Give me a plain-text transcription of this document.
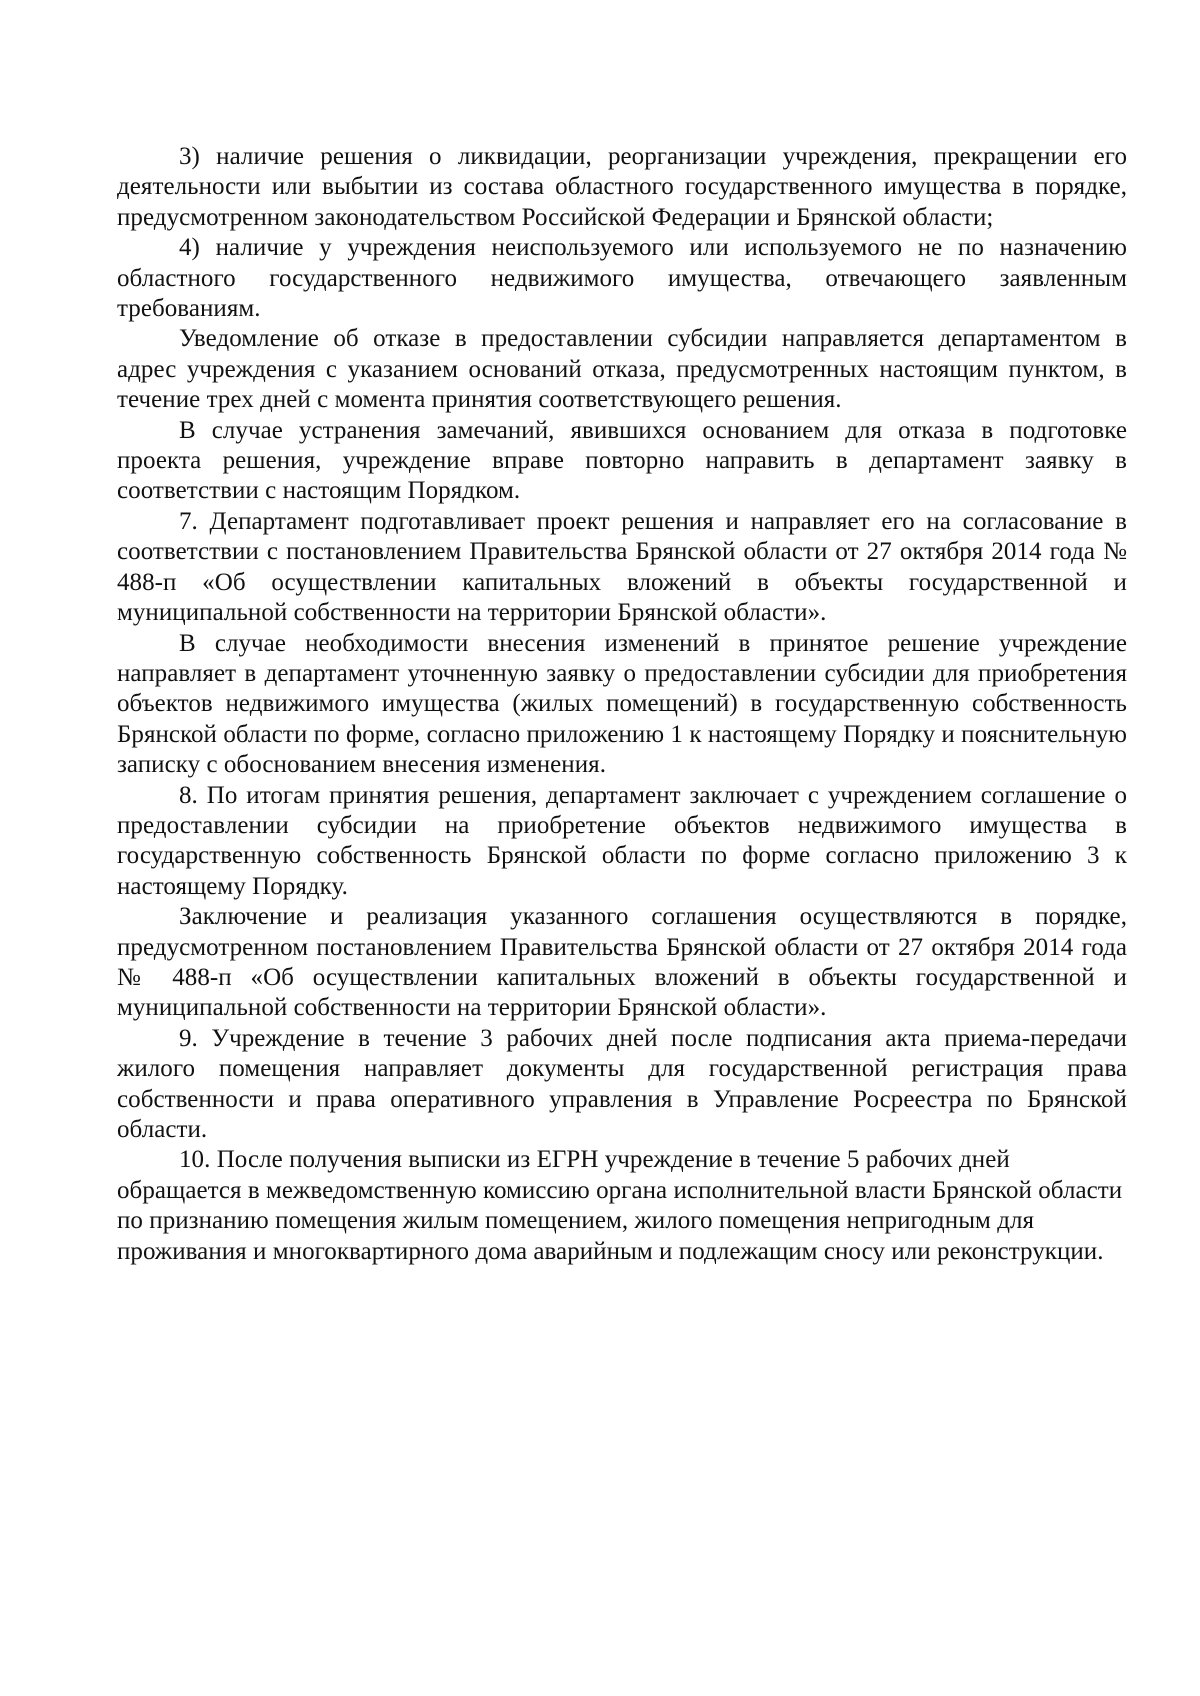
3) наличие решения о ликвидации, реорганизации учреждения, прекращении его деятельности или выбытии из состава областного государственного имущества в порядке, предусмотренном законодательством Российской Федерации и Брянской области;

4) наличие у учреждения неиспользуемого или используемого не по назначению областного государственного недвижимого имущества, отвечающего заявленным требованиям.

Уведомление об отказе в предоставлении субсидии направляется департаментом в адрес учреждения с указанием оснований отказа, предусмотренных настоящим пунктом, в течение трех дней с момента принятия соответствующего решения.

В случае устранения замечаний, явившихся основанием для отказа в подготовке проекта решения, учреждение вправе повторно направить в департамент заявку в соответствии с настоящим Порядком.

7. Департамент подготавливает проект решения и направляет его на согласование в соответствии с постановлением Правительства Брянской области от 27 октября 2014 года № 488-п «Об осуществлении капитальных вложений в объекты государственной и муниципальной собственности на территории Брянской области».

В случае необходимости внесения изменений в принятое решение учреждение направляет в департамент уточненную заявку о предоставлении субсидии для приобретения объектов недвижимого имущества (жилых помещений) в государственную собственность Брянской области по форме, согласно приложению 1 к настоящему Порядку и пояснительную записку с обоснованием внесения изменения.

8. По итогам принятия решения, департамент заключает с учреждением соглашение о предоставлении субсидии на приобретение объектов недвижимого имущества в государственную собственность Брянской области по форме согласно приложению 3 к настоящему Порядку.

Заключение и реализация указанного соглашения осуществляются в порядке, предусмотренном постановлением Правительства Брянской области от 27 октября 2014 года № 488-п «Об осуществлении капитальных вложений в объекты государственной и муниципальной собственности на территории Брянской области».

9. Учреждение в течение 3 рабочих дней после подписания акта приема-передачи жилого помещения направляет документы для государственной регистрация права собственности и права оперативного управления в Управление Росреестра по Брянской области.

10. После получения выписки из ЕГРН учреждение в течение 5 рабочих дней обращается в межведомственную комиссию органа исполнительной власти Брянской области по признанию помещения жилым помещением, жилого помещения непригодным для проживания и многоквартирного дома аварийным и подлежащим сносу или реконструкции.
